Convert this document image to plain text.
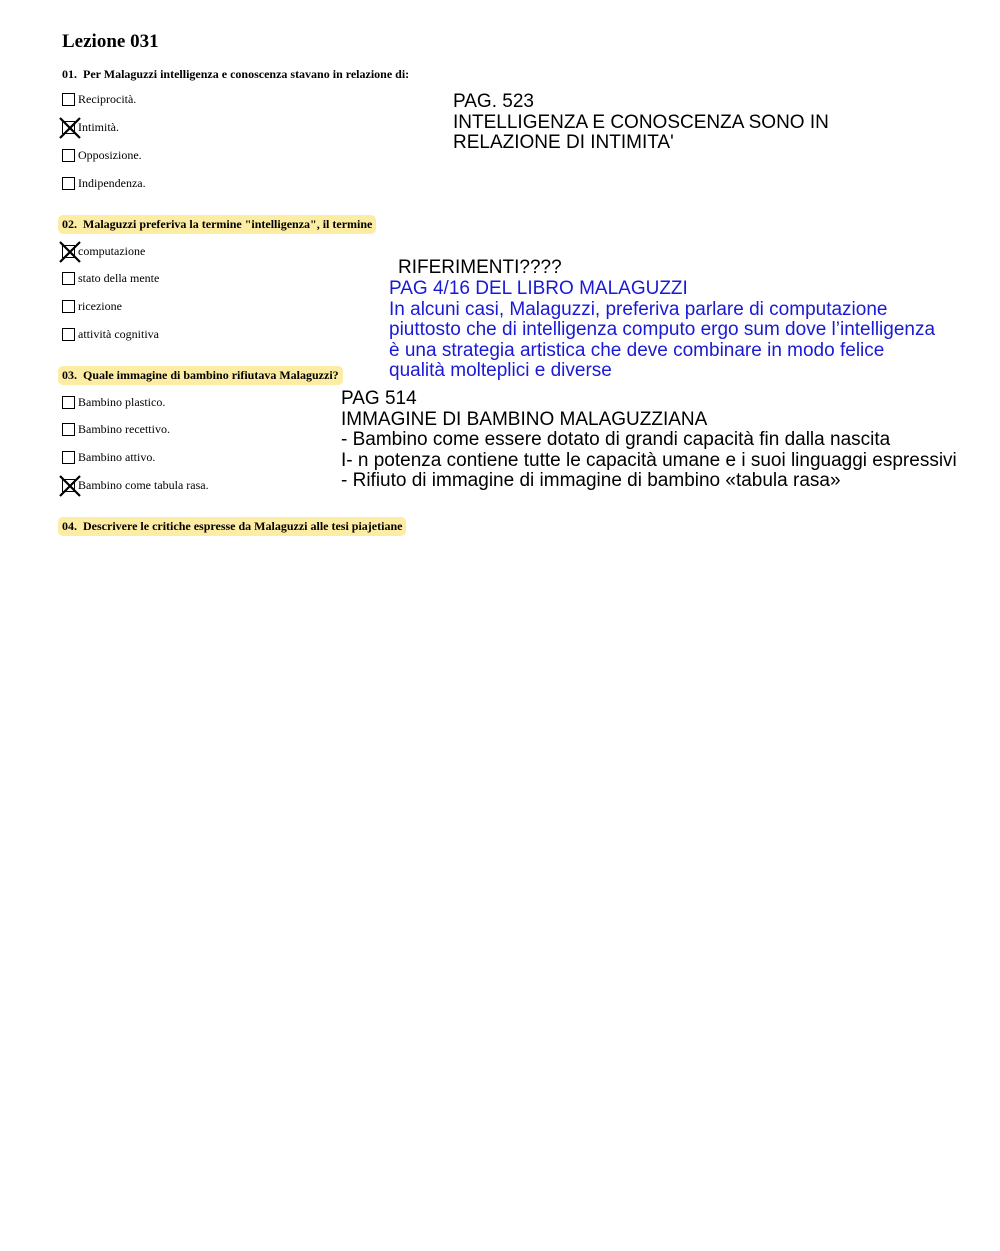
Lezione 031
01. Per Malaguzzi intelligenza e conoscenza stavano in relazione di:
Reciprocità.
Intimità.
Opposizione.
Indipendenza.
02. Malaguzzi preferiva la termine "intelligenza", il termine
computazione
stato della mente
ricezione
attività cognitiva
03. Quale immagine di bambino rifiutava Malaguzzi?
Bambino plastico.
Bambino recettivo.
Bambino attivo.
Bambino come tabula rasa.
04. Descrivere le critiche espresse da Malaguzzi alle tesi piajetiane
PAG. 523
INTELLIGENZA E CONOSCENZA SONO IN
RELAZIONE DI INTIMITA'
RIFERIMENTI????
PAG 4/16 DEL LIBRO MALAGUZZI
In alcuni casi, Malaguzzi, preferiva parlare di computazione
piuttosto che di intelligenza computo ergo sum dove l’intelligenza
è una strategia artistica che deve combinare in modo felice
qualità molteplici e diverse
PAG 514
IMMAGINE DI BAMBINO MALAGUZZIANA
- Bambino come essere dotato di grandi capacità fin dalla nascita
I- n potenza contiene tutte le capacità umane e i suoi linguaggi espressivi
- Rifiuto di immagine di immagine di bambino «tabula rasa»
